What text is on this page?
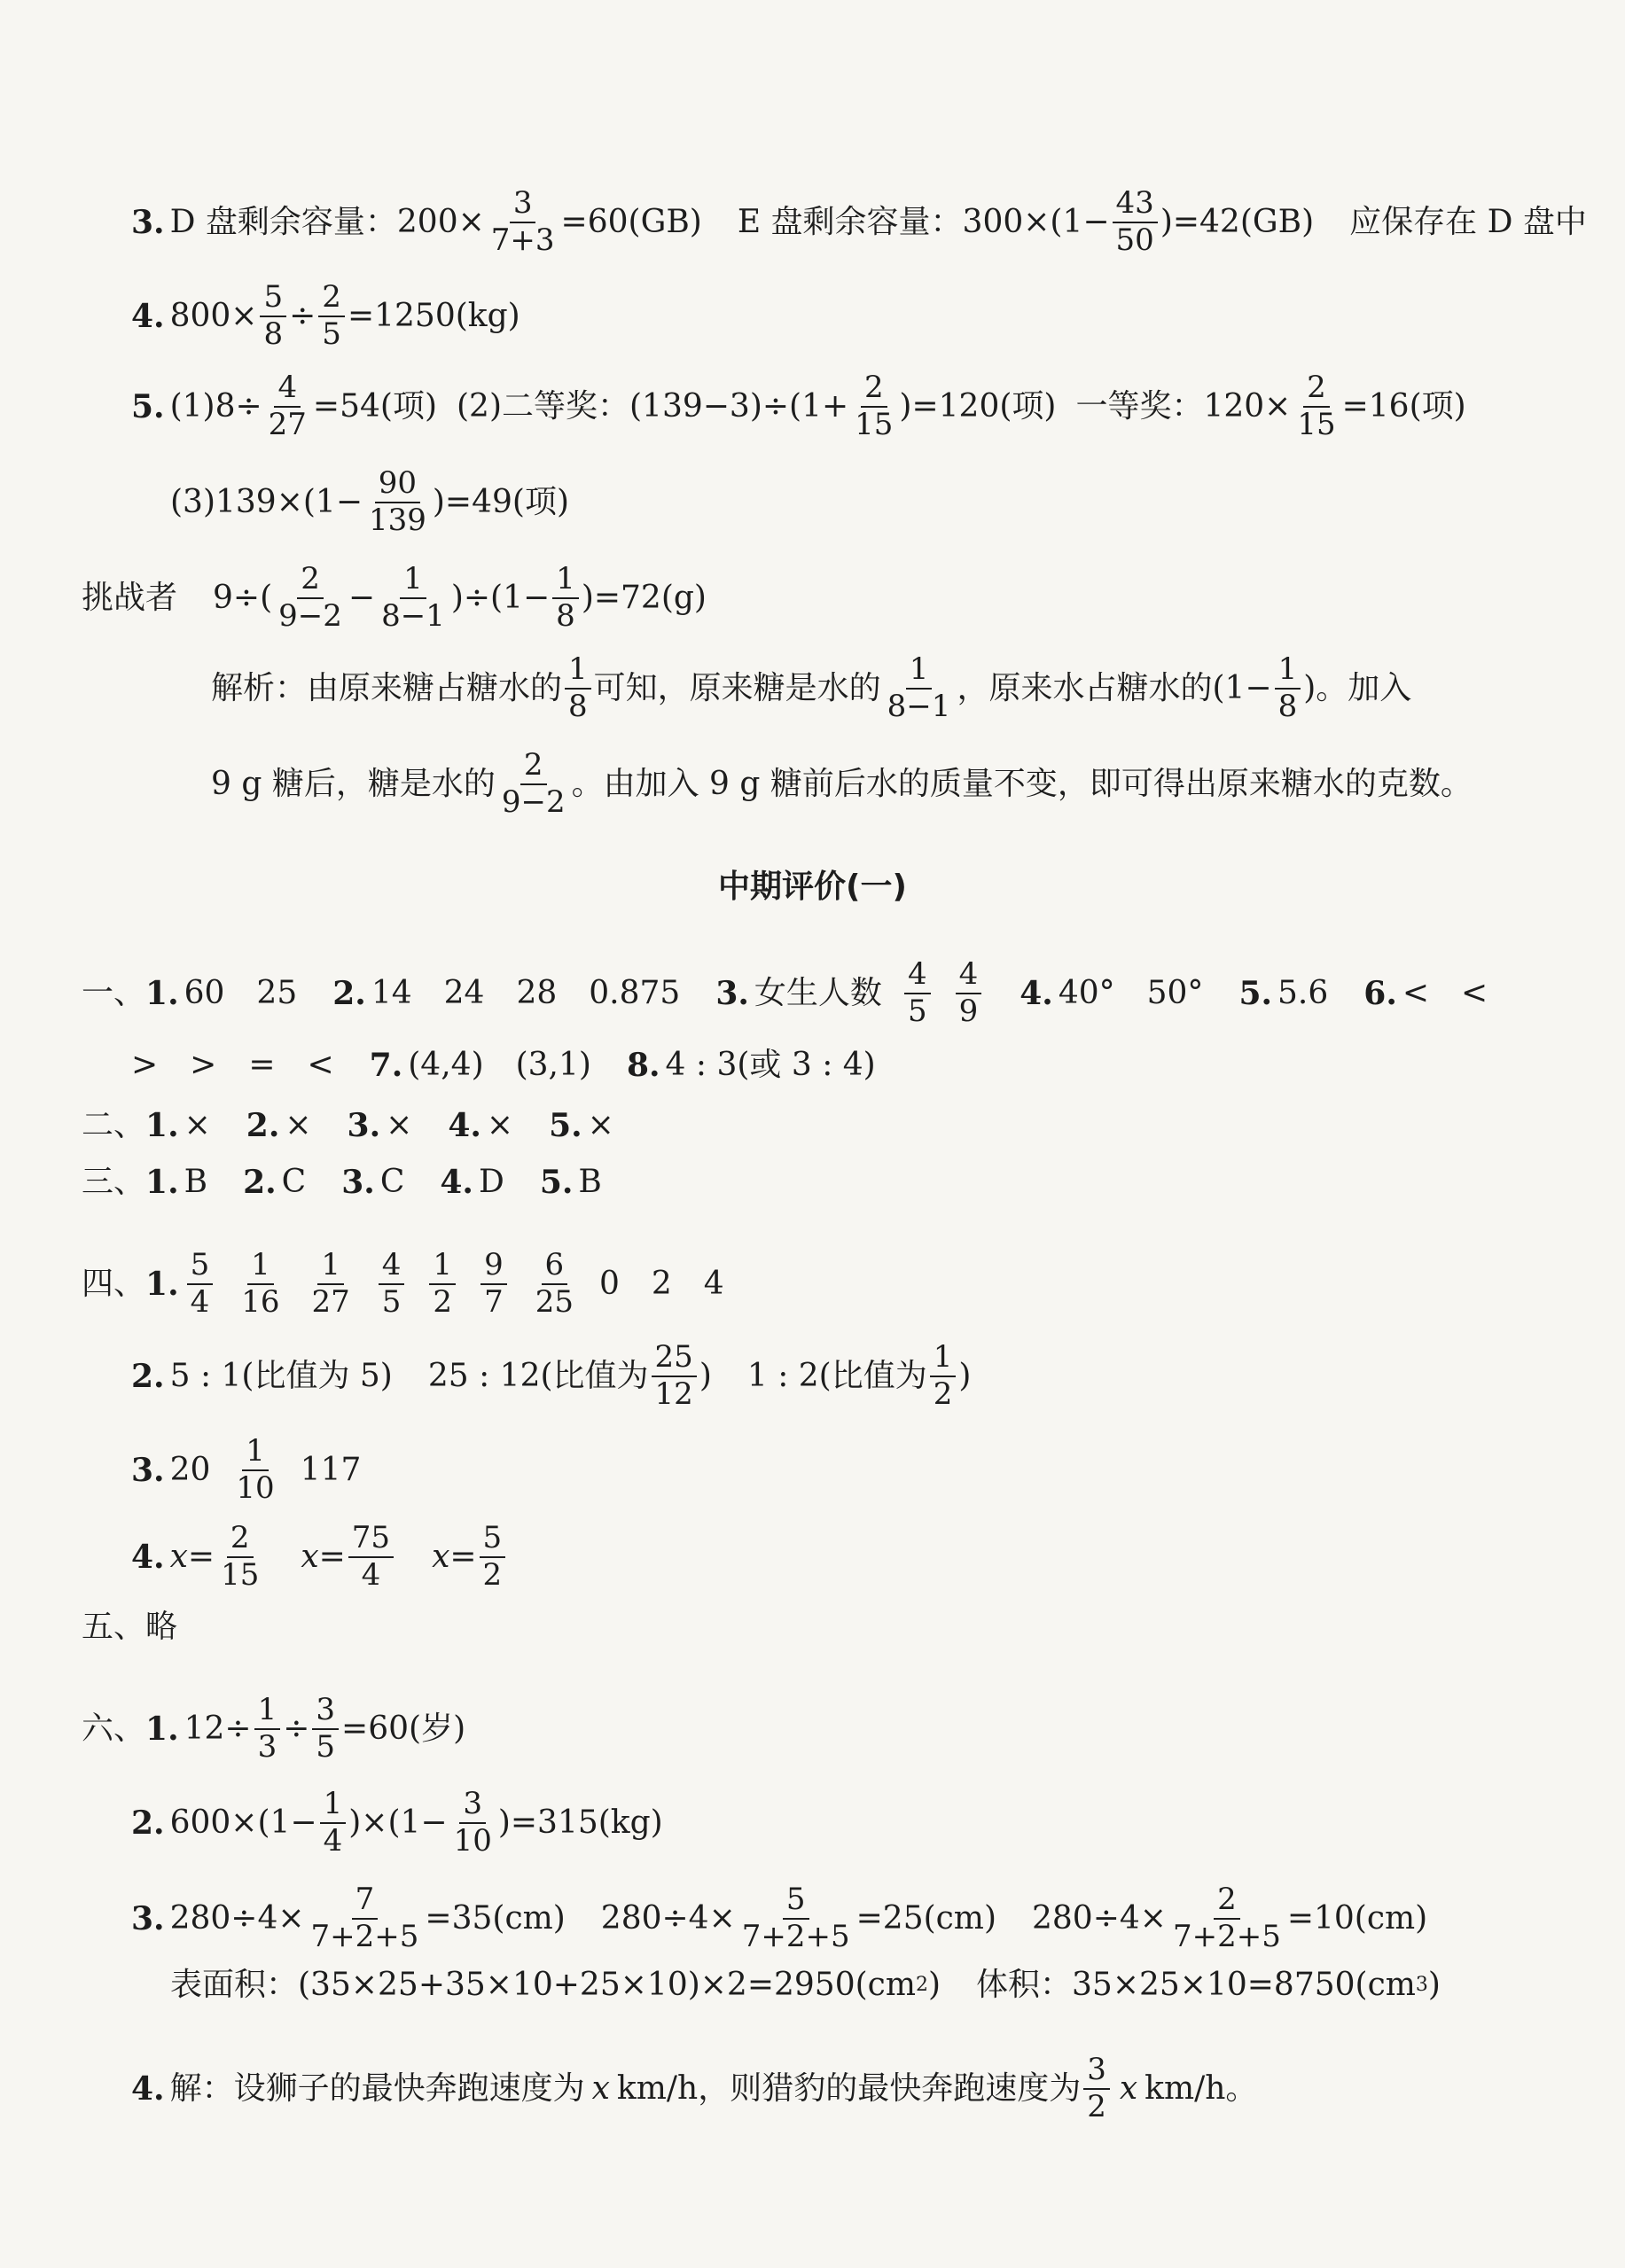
3. D 盘剩余容量：$200\times \frac{3}{7+3} =60(GB)$ E 盘剩余容量：$300\times(1- \frac{43}{50} )=42(GB)$ 应保存在 D 盘中
4. $800\times \frac{5}{8} \div \frac{2}{5} =1250(kg)$
5. $(1)8\div \frac{4}{27} =54$(项) (2)二等奖：$(139-3)\div(1+ \frac{2}{15} )=120$(项) 一等奖：$120\times \frac{2}{15} =16$(项)
$(3)139\times(1- \frac{90}{139} )=49$(项)
挑战者 $9\div( \frac{2}{9-2} - \frac{1}{8-1} )\div(1- \frac{1}{8} )=72(g)$
解析：由原来糖占糖水的 $\frac{1}{8}$ 可知，原来糖是水的 $\frac{1}{8-1}$ ，原来水占糖水的($1- \frac{1}{8}$ )。加入
9 g 糖后，糖是水的 $\frac{2}{9-2}$ 。由加入 9 g 糖前后水的质量不变，即可得出原来糖水的克数。
中期评价(一)
一、 1. 60　25 2. 14　24　28　0.875 3. 女生人数 $\frac{4}{5} \frac{4}{9} 4$. 40°　50° 5. 5.6 6. <　<
>　>　=　< 7. (4,4)　(3,1) 8. 4 : 3(或 3 : 4)
二、 1. × 2. × 3. × 4. × 5. ×
三、 1. B 2. C 3. C 4. D 5. B
四、 1. $\frac{5}{4} \frac{1}{16} \frac{1}{27} \frac{4}{5} \frac{1}{2} \frac{9}{7} \frac{6}{25} 0$　2　4
2. 5 : 1(比值为 5) 25 : 12(比值为 $\frac{25}{12}$ ) 1 : 2(比值为 $\frac{1}{2}$ )
3. $20 \frac{1}{10} 117$
4. $x= \frac{2}{15} x= \frac{75}{4} x= \frac{5}{2}$
五、略
六、 1. $12\div \frac{1}{3} \div \frac{3}{5} =60$(岁)
2. $600\times(1- \frac{1}{4} )\times(1- \frac{3}{10} )=315(kg)$
3. $280\div 4\times \frac{7}{7+2+5} =35(cm)$ $280\div 4\times \frac{5}{7+2+5} =25(cm)$ $280\div 4\times \frac{2}{7+2+5} =10(cm)$
表面积：(35×25+35×10+25×10)×2=2950(cm 2 ) 体积：35×25×10=8750(cm 3 )
4. 解：设狮子的最快奔跑速度为 x km/h，则猎豹的最快奔跑速度为 $\frac{3}{2}$ x km/h。
